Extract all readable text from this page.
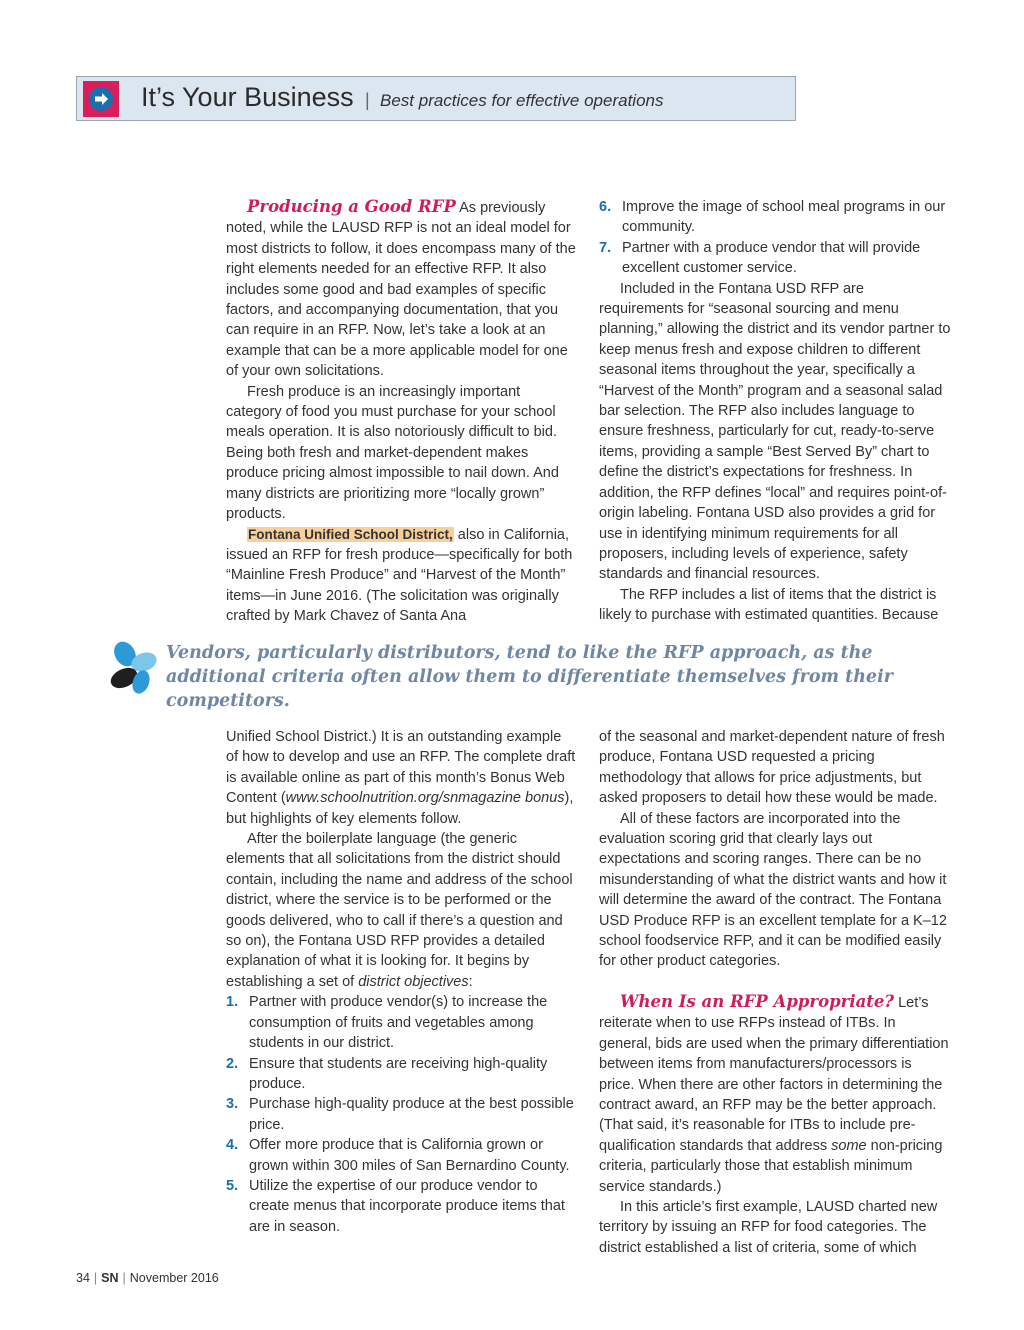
It’s Your Business | Best practices for effective operations

Producing a Good RFP As previously noted, while the LAUSD RFP is not an ideal model for most districts to follow, it does encompass many of the right elements needed for an effective RFP. It also includes some good and bad examples of specific factors, and accompanying documentation, that you can require in an RFP. Now, let’s take a look at an example that can be a more applicable model for one of your own solicitations.

Fresh produce is an increasingly important category of food you must purchase for your school meals operation. It is also notoriously difficult to bid. Being both fresh and market-dependent makes produce pricing almost impossible to nail down. And many districts are prioritizing more “locally grown” products.

Fontana Unified School District, also in California, issued an RFP for fresh produce—specifically for both “Mainline Fresh Produce” and “Harvest of the Month” items—in June 2016. (The solicitation was originally crafted by Mark Chavez of Santa Ana

6. Improve the image of school meal programs in our community.
7. Partner with a produce vendor that will provide excellent customer service.

Included in the Fontana USD RFP are requirements for “seasonal sourcing and menu planning,” allowing the district and its vendor partner to keep menus fresh and expose children to different seasonal items throughout the year, specifically a “Harvest of the Month” program and a seasonal salad bar selection. The RFP also includes language to ensure freshness, particularly for cut, ready-to-serve items, providing a sample “Best Served By” chart to define the district’s expectations for freshness. In addition, the RFP defines “local” and requires point-of-origin labeling. Fontana USD also provides a grid for use in identifying minimum requirements for all proposers, including levels of experience, safety standards and financial resources.

The RFP includes a list of items that the district is likely to purchase with estimated quantities. Because

Vendors, particularly distributors, tend to like the RFP approach, as the additional criteria often allow them to differentiate themselves from their competitors.

Unified School District.) It is an outstanding example of how to develop and use an RFP. The complete draft is available online as part of this month’s Bonus Web Content (www.schoolnutrition.org/snmagazine bonus), but highlights of key elements follow.

After the boilerplate language (the generic elements that all solicitations from the district should contain, including the name and address of the school district, where the service is to be performed or the goods delivered, who to call if there’s a question and so on), the Fontana USD RFP provides a detailed explanation of what it is looking for. It begins by establishing a set of district objectives:

1. Partner with produce vendor(s) to increase the consumption of fruits and vegetables among students in our district.
2. Ensure that students are receiving high-quality produce.
3. Purchase high-quality produce at the best possible price.
4. Offer more produce that is California grown or grown within 300 miles of San Bernardino County.
5. Utilize the expertise of our produce vendor to create menus that incorporate produce items that are in season.

of the seasonal and market-dependent nature of fresh produce, Fontana USD requested a pricing methodology that allows for price adjustments, but asked proposers to detail how these would be made.

All of these factors are incorporated into the evaluation scoring grid that clearly lays out expectations and scoring ranges. There can be no misunderstanding of what the district wants and how it will determine the award of the contract. The Fontana USD Produce RFP is an excellent template for a K–12 school foodservice RFP, and it can be modified easily for other product categories.

When Is an RFP Appropriate? Let’s reiterate when to use RFPs instead of ITBs. In general, bids are used when the primary differentiation between items from manufacturers/processors is price. When there are other factors in determining the contract award, an RFP may be the better approach. (That said, it’s reasonable for ITBs to include pre-qualification standards that address some non-pricing criteria, particularly those that establish minimum service standards.)

In this article’s first example, LAUSD charted new territory by issuing an RFP for food categories. The district established a list of criteria, some of which

34 | SN | November 2016
